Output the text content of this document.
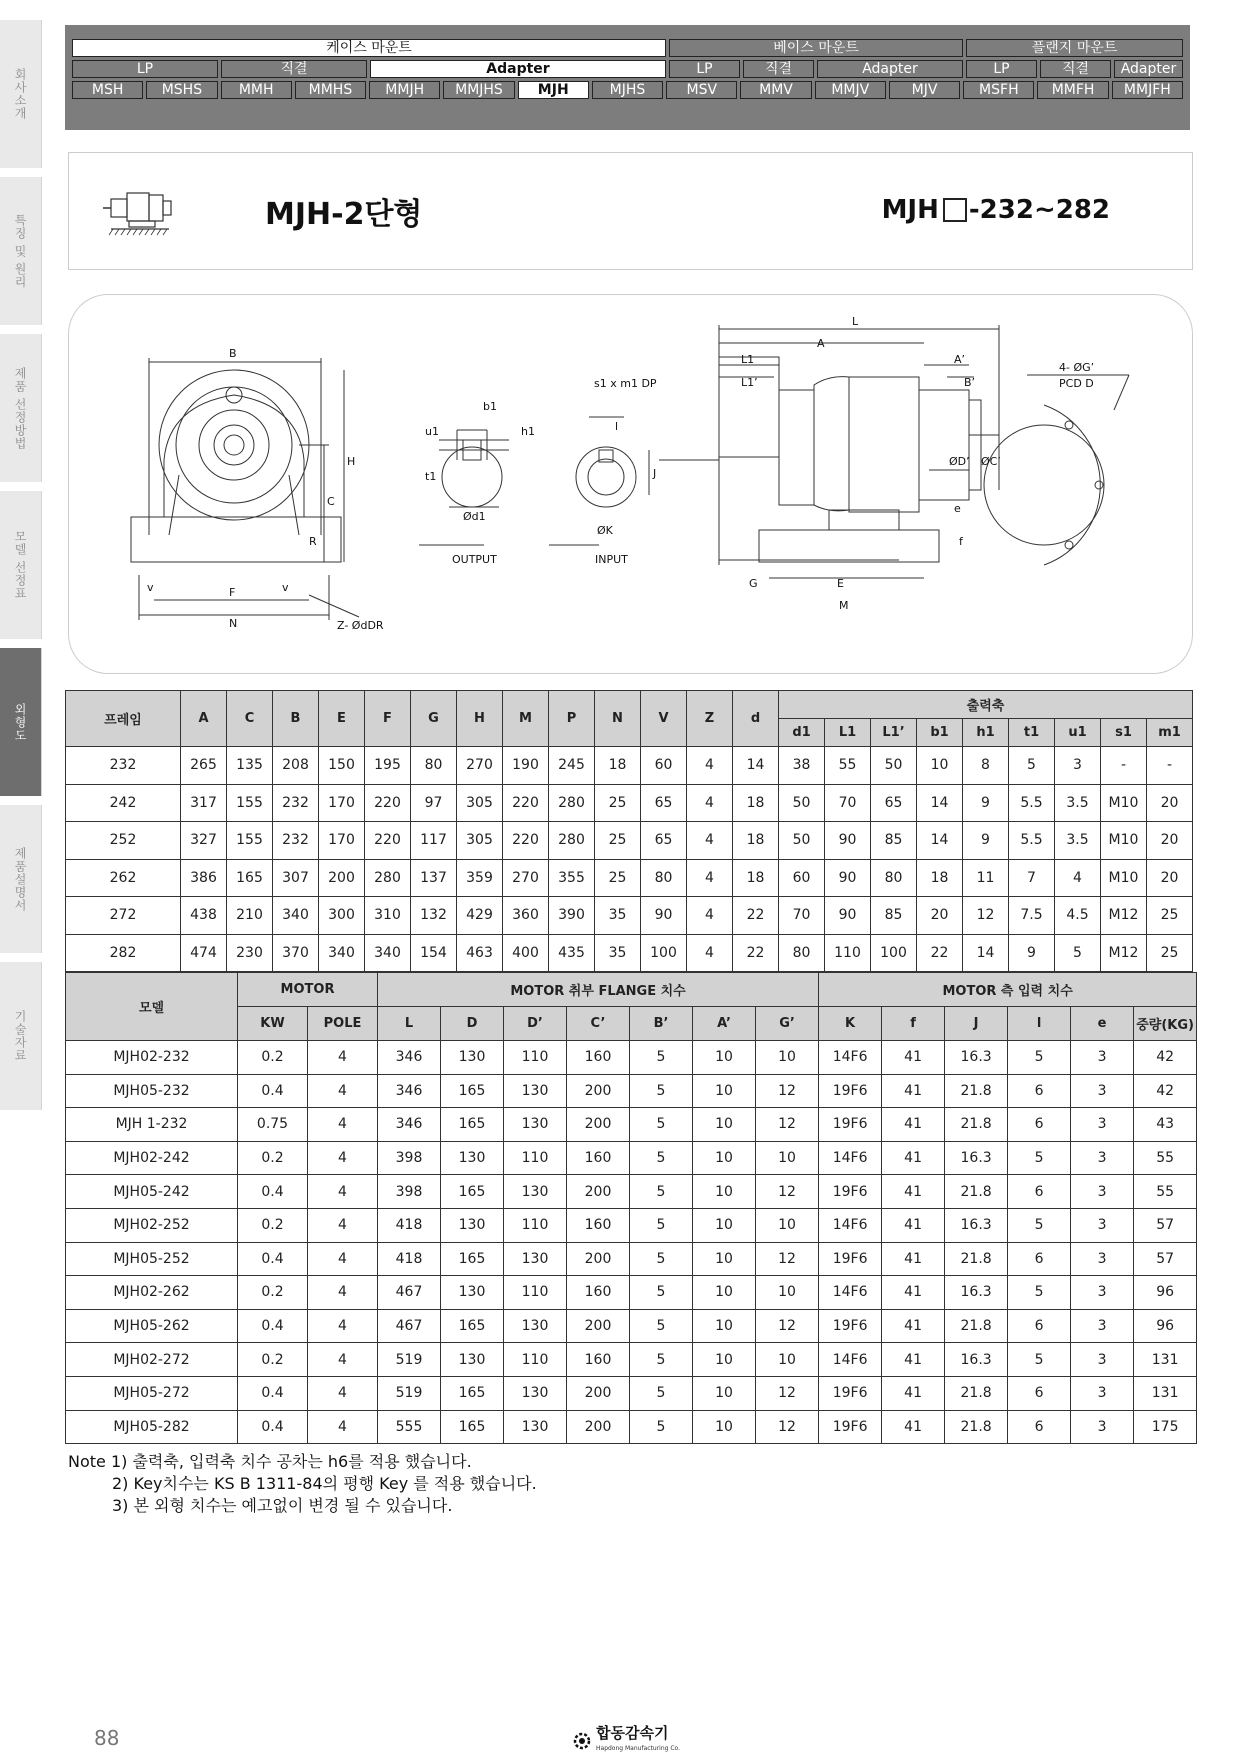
회사소개
특징 및 원리
제품 선정방법
모델 선정표
외형도
제품설명서
기술자료
케이스 마운트	베이스 마운트	플랜지 마운트
LP	직결	Adapter	LP	직결	Adapter	LP	직결	Adapter
MSH	MSHS	MMH	MMHS	MMJH	MMJHS	MJH	MJHS	MSV	MMV	MMJV	MJV	MSFH	MMFH	MMJFH
MJH-2단형	MJH -232~282
B
H
C
R
F
N
v	v
Z- ØdDR
b1
u1	h1
t1
Ød1
OUTPUT
s1 x m1 DP
l
J
ØK
INPUT
L
A
L1
L1’
A’
B’
ØD’ ØC’
e
f
G	E
M
4- ØG’
PCD D
프레임	A	C	B	E	F	G	H	M	P	N	V	Z	d	출력축								
														d1	L1	L1’	b1	h1	t1	u1	s1	m1
232	265	135	208	150	195	80	270	190	245	18	60	4	14	38	55	50	10	8	5	3	-	-
242	317	155	232	170	220	97	305	220	280	25	65	4	18	50	70	65	14	9	5.5	3.5	M10	20
252	327	155	232	170	220	117	305	220	280	25	65	4	18	50	90	85	14	9	5.5	3.5	M10	20
262	386	165	307	200	280	137	359	270	355	25	80	4	18	60	90	80	18	11	7	4	M10	20
272	438	210	340	300	310	132	429	360	390	35	90	4	22	70	90	85	20	12	7.5	4.5	M12	25
282	474	230	370	340	340	154	463	400	435	35	100	4	22	80	110	100	22	14	9	5	M12	25
모델	MOTOR		MOTOR 취부 FLANGE 치수							MOTOR 측 입력 치수					
	KW	POLE	L	D	D’	C’	B’	A’	G’	K	f	J	l	e	중량(KG)
MJH02-232	0.2	4	346	130	110	160	5	10	10	14F6	41	16.3	5	3	42
MJH05-232	0.4	4	346	165	130	200	5	10	12	19F6	41	21.8	6	3	42
MJH 1-232	0.75	4	346	165	130	200	5	10	12	19F6	41	21.8	6	3	43
MJH02-242	0.2	4	398	130	110	160	5	10	10	14F6	41	16.3	5	3	55
MJH05-242	0.4	4	398	165	130	200	5	10	12	19F6	41	21.8	6	3	55
MJH02-252	0.2	4	418	130	110	160	5	10	10	14F6	41	16.3	5	3	57
MJH05-252	0.4	4	418	165	130	200	5	10	12	19F6	41	21.8	6	3	57
MJH02-262	0.2	4	467	130	110	160	5	10	10	14F6	41	16.3	5	3	96
MJH05-262	0.4	4	467	165	130	200	5	10	12	19F6	41	21.8	6	3	96
MJH02-272	0.2	4	519	130	110	160	5	10	10	14F6	41	16.3	5	3	131
MJH05-272	0.4	4	519	165	130	200	5	10	12	19F6	41	21.8	6	3	131
MJH05-282	0.4	4	555	165	130	200	5	10	12	19F6	41	21.8	6	3	175
Note 1) 출력축, 입력축 치수 공차는 h6를 적용 했습니다.
2) Key치수는 KS B 1311-84의 평행 Key 를 적용 했습니다.
3) 본 외형 치수는 예고없이 변경 될 수 있습니다.
88	합동감속기
Hapdong Manufacturing Co.
